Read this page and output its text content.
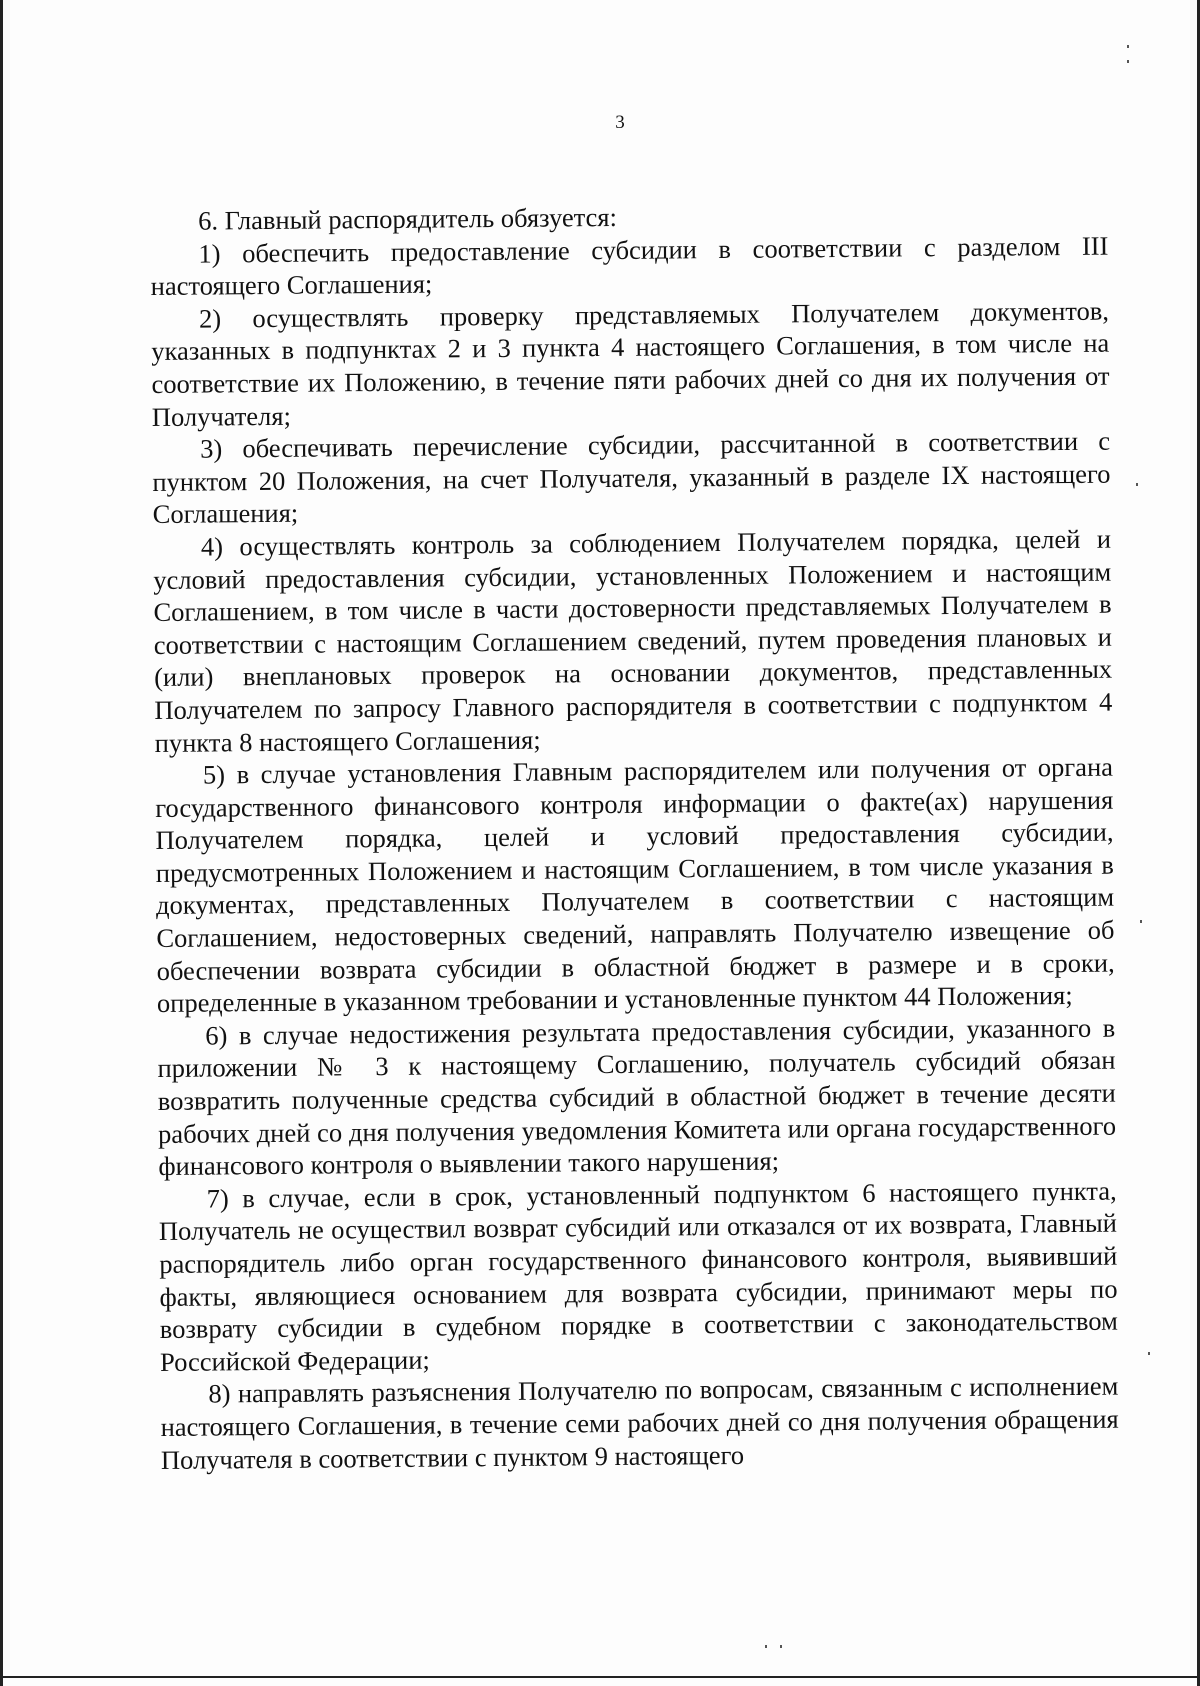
3

6. Главный распорядитель обязуется:

1) обеспечить предоставление субсидии в соответствии с разделом III настоящего Соглашения;

2) осуществлять проверку представляемых Получателем документов, указанных в подпунктах 2 и 3 пункта 4 настоящего Соглашения, в том числе на соответствие их Положению, в течение пяти рабочих дней со дня их получения от Получателя;

3) обеспечивать перечисление субсидии, рассчитанной в соответствии с пунктом 20 Положения, на счет Получателя, указанный в разделе IX настоящего Соглашения;

4) осуществлять контроль за соблюдением Получателем порядка, целей и условий предоставления субсидии, установленных Положением и настоящим Соглашением, в том числе в части достоверности представляемых Получателем в соответствии с настоящим Соглашением сведений, путем проведения плановых и (или) внеплановых проверок на основании документов, представленных Получателем по запросу Главного распорядителя в соответствии с подпунктом 4 пункта 8 настоящего Соглашения;

5) в случае установления Главным распорядителем или получения от органа государственного финансового контроля информации о факте(ах) нарушения Получателем порядка, целей и условий предоставления субсидии, предусмотренных Положением и настоящим Соглашением, в том числе указания в документах, представленных Получателем в соответствии с настоящим Соглашением, недостоверных сведений, направлять Получателю извещение об обеспечении возврата субсидии в областной бюджет в размере и в сроки, определенные в указанном требовании и установленные пунктом 44 Положения;

6) в случае недостижения результата предоставления субсидии, указанного в приложении № 3 к настоящему Соглашению, получатель субсидий обязан возвратить полученные средства субсидий в областной бюджет в течение десяти рабочих дней со дня получения уведомления Комитета или органа государственного финансового контроля о выявлении такого нарушения;

7) в случае, если в срок, установленный подпунктом 6 настоящего пункта, Получатель не осуществил возврат субсидий или отказался от их возврата, Главный распорядитель либо орган государственного финансового контроля, выявивший факты, являющиеся основанием для возврата субсидии, принимают меры по возврату субсидии в судебном порядке в соответствии с законодательством Российской Федерации;

8) направлять разъяснения Получателю по вопросам, связанным с исполнением настоящего Соглашения, в течение семи рабочих дней со дня получения обращения Получателя в соответствии с пунктом 9 настоящего
